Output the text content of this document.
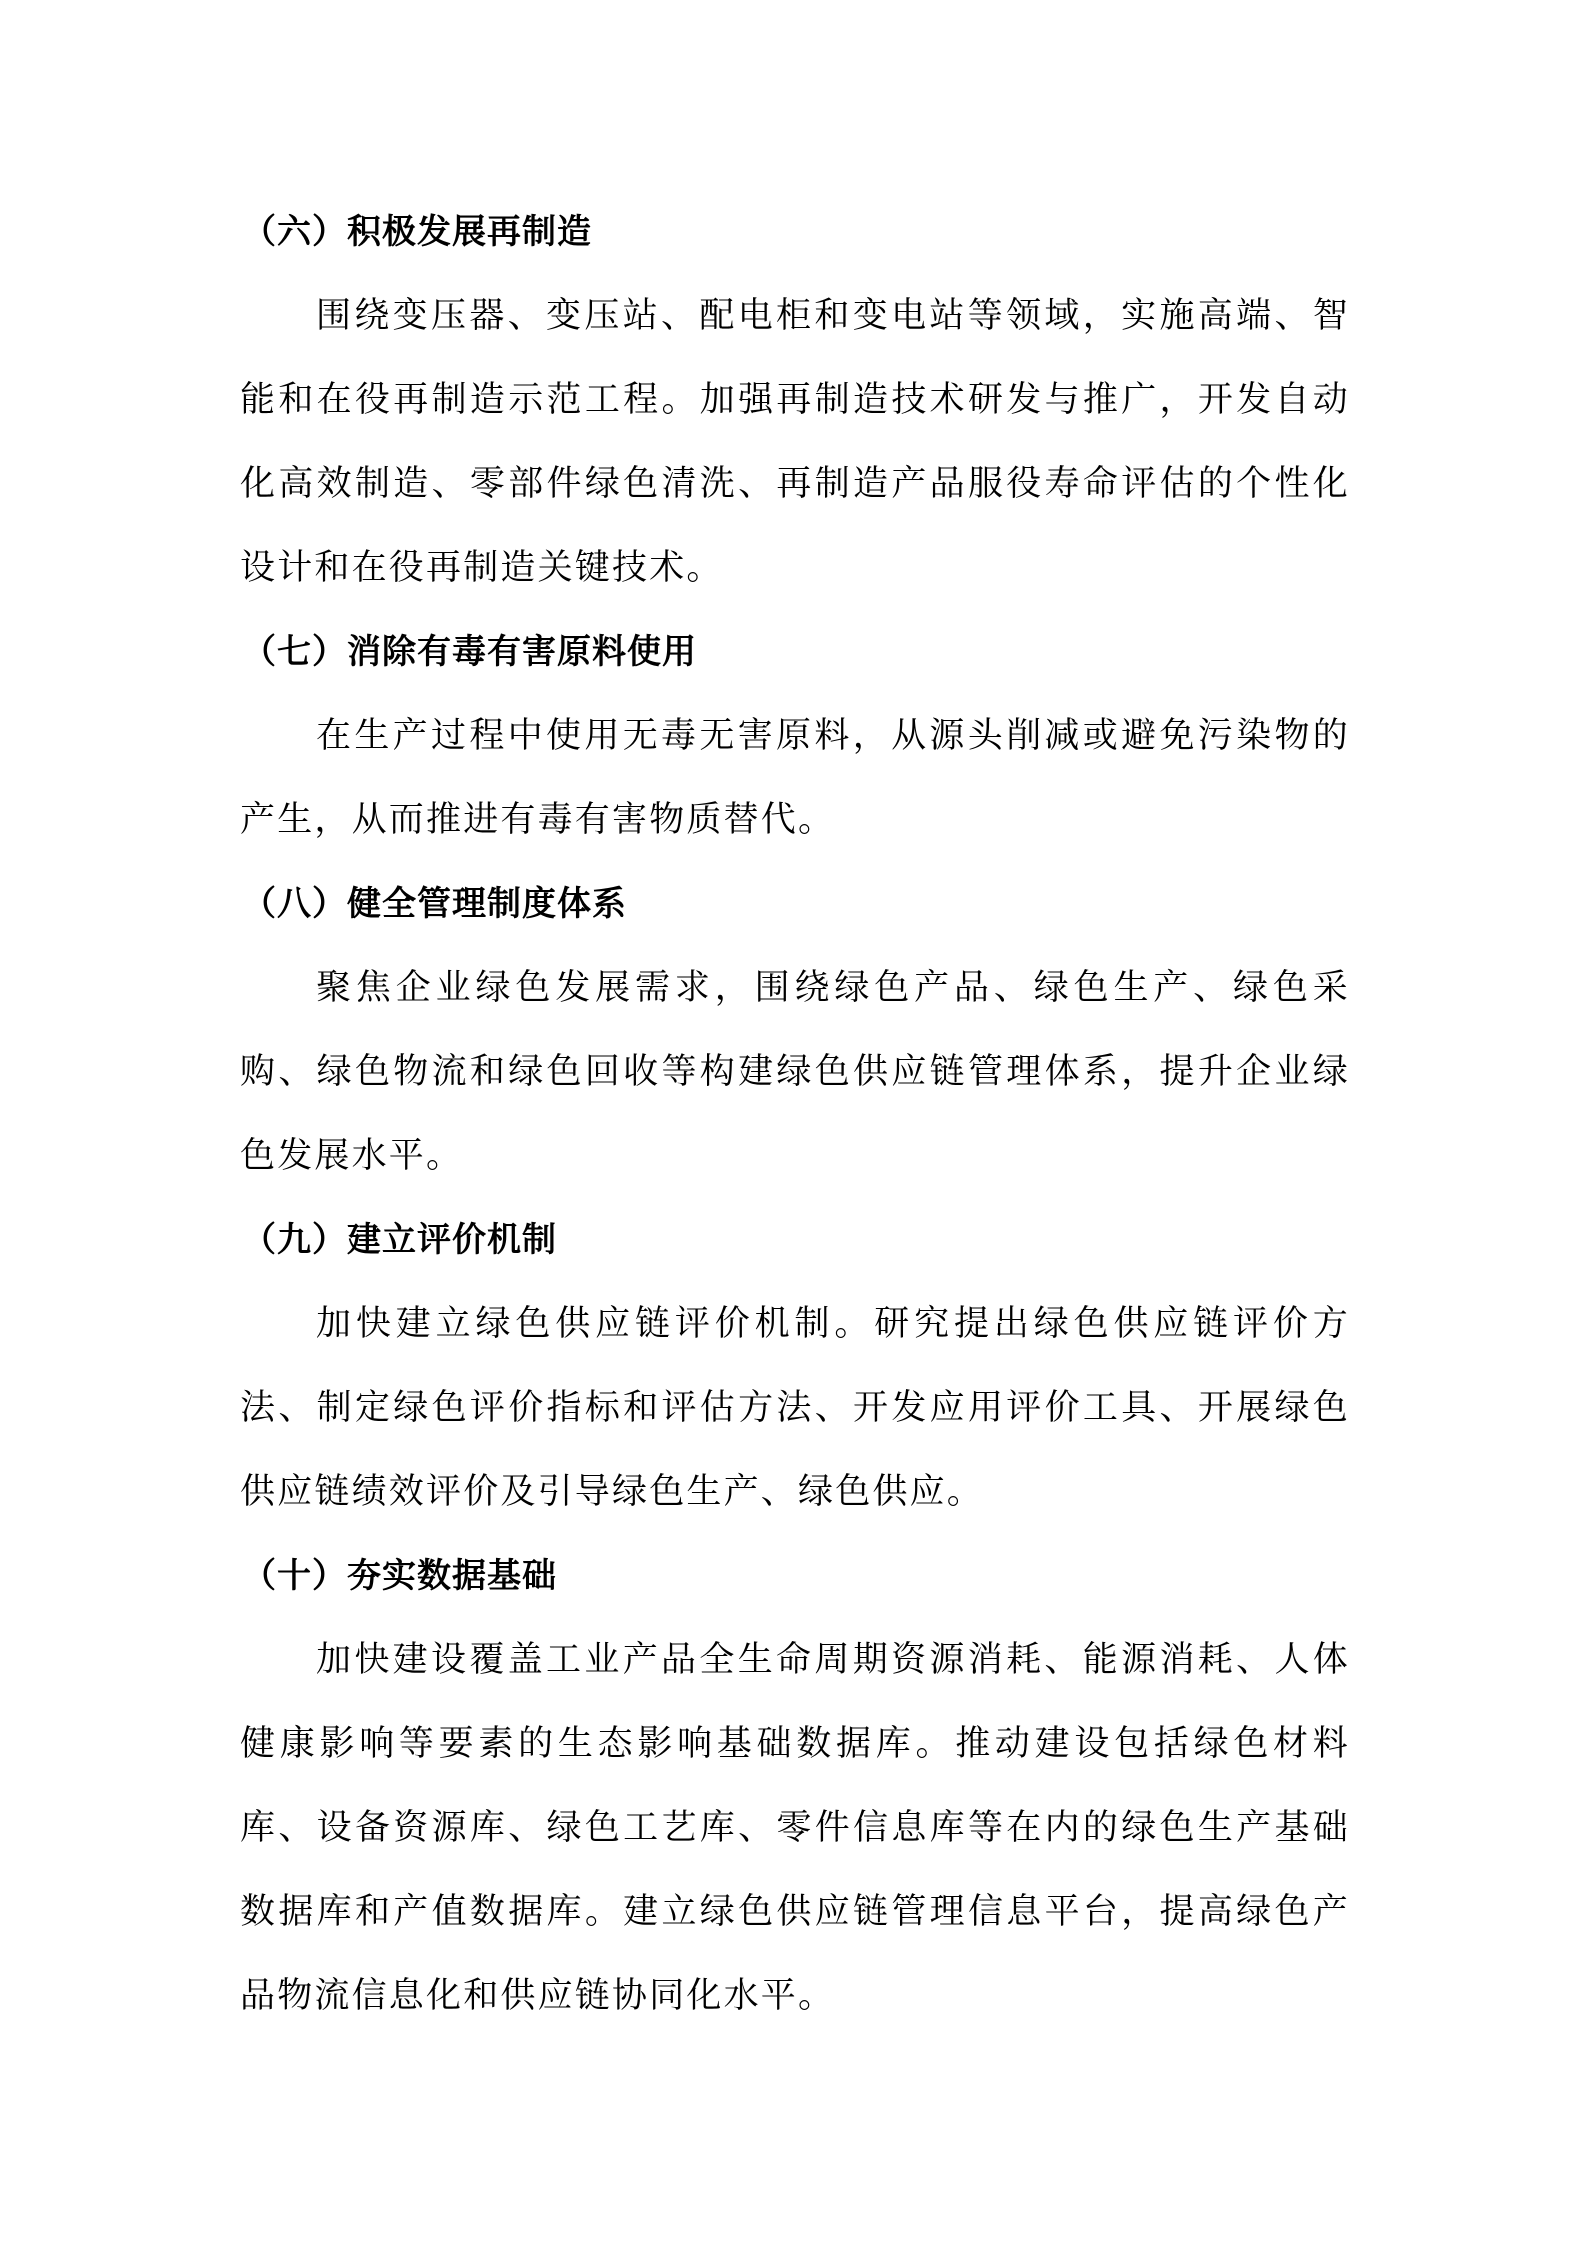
（六）积极发展再制造

围绕变压器、变压站、配电柜和变电站等领域，实施高端、智能和在役再制造示范工程。加强再制造技术研发与推广，开发自动化高效制造、零部件绿色清洗、再制造产品服役寿命评估的个性化设计和在役再制造关键技术。

（七）消除有毒有害原料使用

在生产过程中使用无毒无害原料，从源头削减或避免污染物的产生，从而推进有毒有害物质替代。

（八）健全管理制度体系

聚焦企业绿色发展需求，围绕绿色产品、绿色生产、绿色采购、绿色物流和绿色回收等构建绿色供应链管理体系，提升企业绿色发展水平。

（九）建立评价机制

加快建立绿色供应链评价机制。研究提出绿色供应链评价方法、制定绿色评价指标和评估方法、开发应用评价工具、开展绿色供应链绩效评价及引导绿色生产、绿色供应。

（十）夯实数据基础

加快建设覆盖工业产品全生命周期资源消耗、能源消耗、人体健康影响等要素的生态影响基础数据库。推动建设包括绿色材料库、设备资源库、绿色工艺库、零件信息库等在内的绿色生产基础数据库和产值数据库。建立绿色供应链管理信息平台，提高绿色产品物流信息化和供应链协同化水平。
